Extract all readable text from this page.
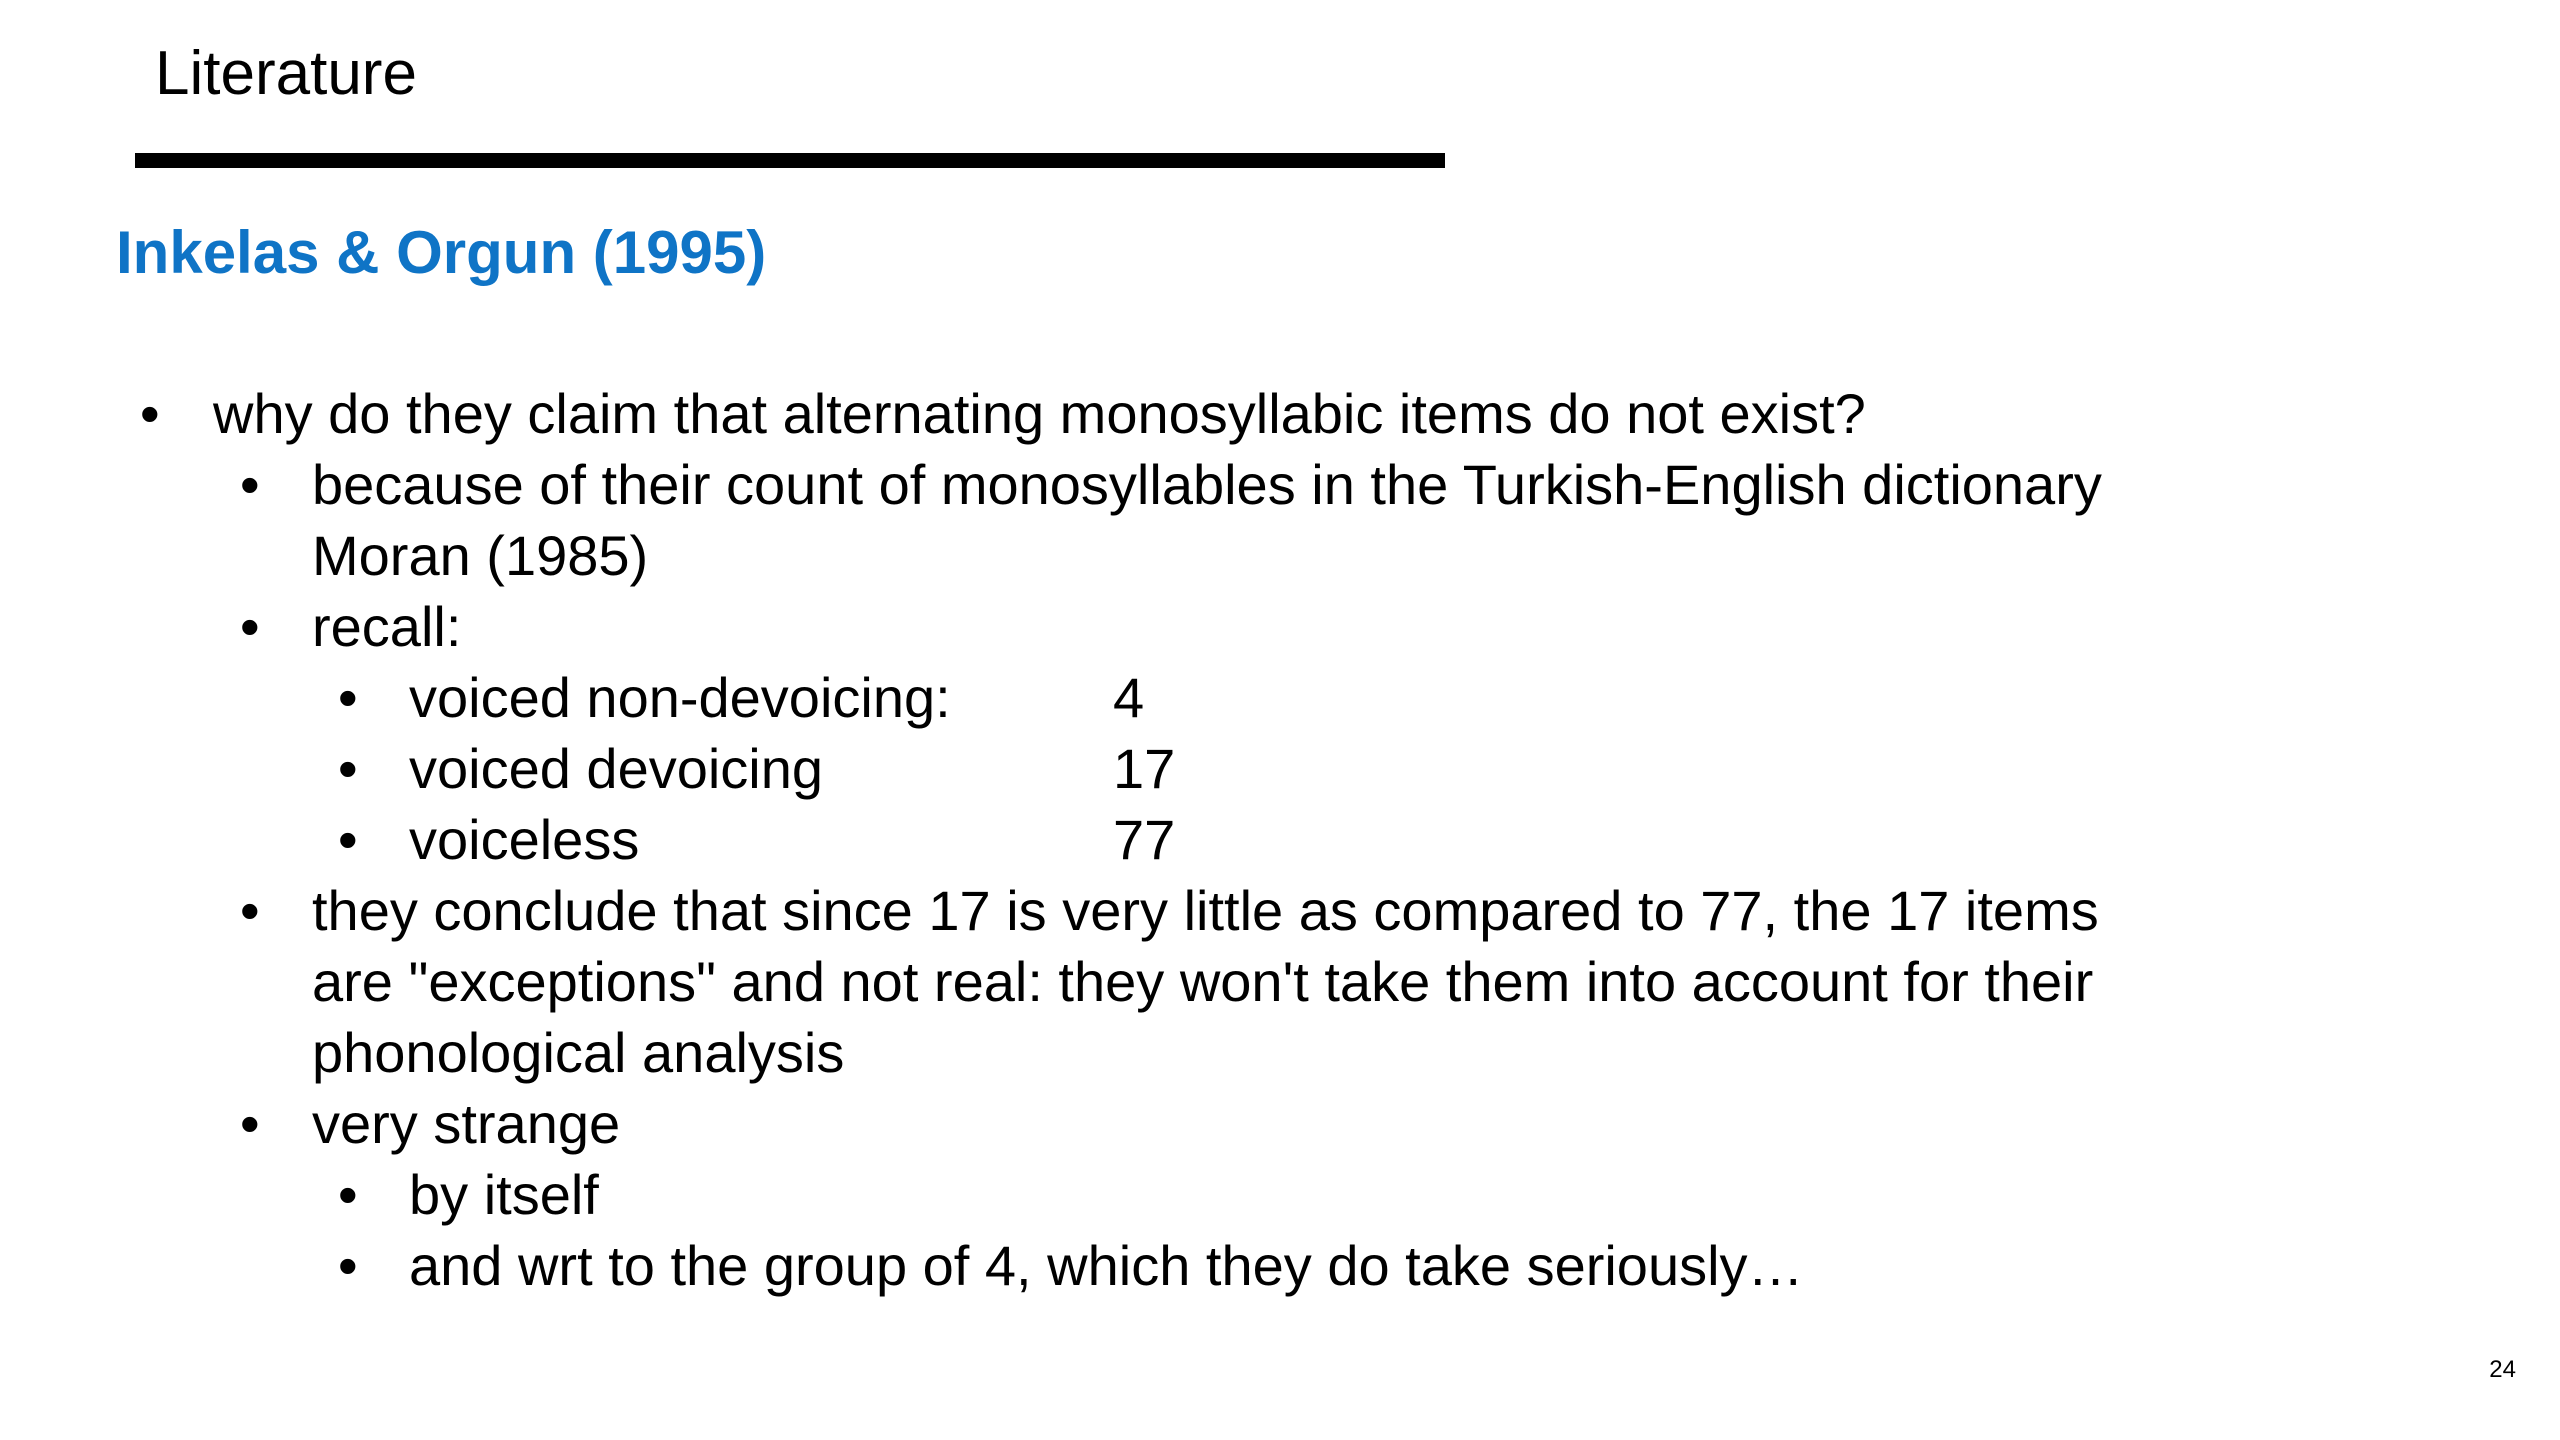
Literature
Inkelas & Orgun (1995)
• why do they claim that alternating monosyllabic items do not exist?
• because of their count of monosyllables in the Turkish-English dictionary
Moran (1985)
• recall:
• voiced non-devoicing:	4
• voiced devoicing	17
• voiceless	77
• they conclude that since 17 is very little as compared to 77, the 17 items
are "exceptions" and not real: they won't take them into account for their
phonological analysis
• very strange
• by itself
• and wrt to the group of 4, which they do take seriously…
24
